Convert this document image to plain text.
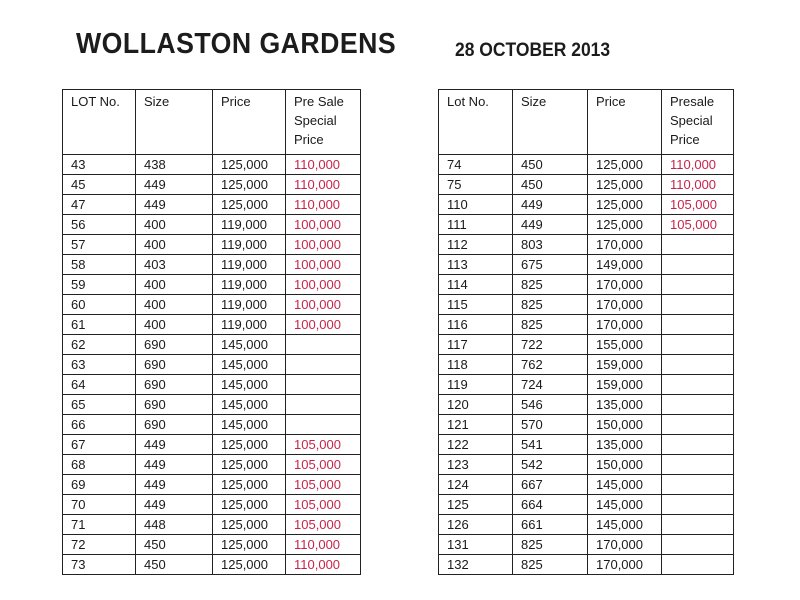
WOLLASTON GARDENS	28 OCTOBER 2013
LOT No.	Size	Price	Pre Sale Special Price
43	438	125,000	110,000
45	449	125,000	110,000
47	449	125,000	110,000
56	400	119,000	100,000
57	400	119,000	100,000
58	403	119,000	100,000
59	400	119,000	100,000
60	400	119,000	100,000
61	400	119,000	100,000
62	690	145,000	
63	690	145,000	
64	690	145,000	
65	690	145,000	
66	690	145,000	
67	449	125,000	105,000
68	449	125,000	105,000
69	449	125,000	105,000
70	449	125,000	105,000
71	448	125,000	105,000
72	450	125,000	110,000
73	450	125,000	110,000
Lot No.	Size	Price	Presale Special Price
74	450	125,000	110,000
75	450	125,000	110,000
110	449	125,000	105,000
111	449	125,000	105,000
112	803	170,000	
113	675	149,000	
114	825	170,000	
115	825	170,000	
116	825	170,000	
117	722	155,000	
118	762	159,000	
119	724	159,000	
120	546	135,000	
121	570	150,000	
122	541	135,000	
123	542	150,000	
124	667	145,000	
125	664	145,000	
126	661	145,000	
131	825	170,000	
132	825	170,000	
